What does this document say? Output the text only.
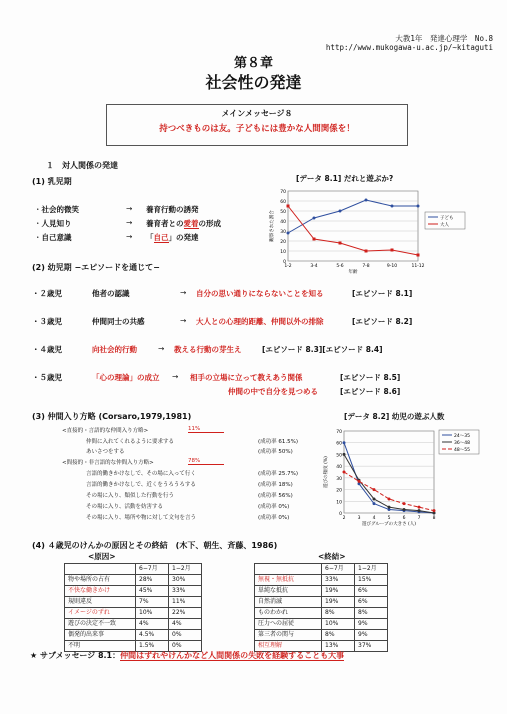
大教1年　発達心理学　No.8
http://www.mukogawa-u.ac.jp/~kitaguti
第８章
社会性の発達
メインメッセージ８
持つべきものは友。子どもには豊かな人間関係を！
１　対人関係の発達
(1) 乳児期
・社会的微笑	→ 養育行動の誘発
・人見知り	→ 養育者との愛着の形成
・自己意識	→ 「自己」の発達
[データ 8.1] だれと遊ぶか?
0
10
20
30
40
50
60
70
1-2	3-4	5-6	7-8	9-10	11-12
年齢
観察された割合	子ども
大人
(2) 幼児期 −エピソードを通じて−
・２歳児	他者の認識	→ 自分の思い通りにならないことを知る	[エピソード 8.1]
・３歳児	仲間同士の共感	→ 大人との心理的距離、仲間以外の排除	[エピソード 8.2]
・４歳児	向社会的行動	→ 教える行動の芽生え	[エピソード 8.3][エピソード 8.4]
・５歳児	「心の理論」の成立 → 相手の立場に立って教えあう関係	[エピソード 8.5]
仲間の中で自分を見つめる	[エピソード 8.6]
(3) 仲間入り方略 (Corsaro,1979,1981)	[データ 8.2] 幼児の遊ぶ人数
<直接的・言語的な仲間入り方略>	11%
仲間に入れてくれるように要求する	(成功率 61.5%)
あいさつをする	(成功率 50%)
<間接的・非言語的な仲間入り方略>	78%
言語的働きかけなしで、その場に入って行く	(成功率 25.7%)
言語的働きかけなしで、近くをうろうろする	(成功率 18%)
その場に入り、類似した行動を行う	(成功率 56%)
その場に入り、活動を妨害する	(成功率 0%)
その場に入り、場所や物に対して文句を言う	(成功率 0%)
0
10
20
30
40
50
60
70
2	3	4	5	6	7	8
遊びグループの大きさ (人)
遊びの頻度 (%)
24〜35
36〜48
48〜55
(4) ４歳児のけんかの原因とその終結　(木下、朝生、斉藤、1986)
<原因>	<終結>
	6−7月	1−2月
物や場所の占有	28%	30%
不快な働きかけ	45%	33%
規則違反	7%	11%
イメージのずれ	10%	22%
遊びの決定不一致	4%	4%
偶発的出来事	4.5%	0%
不明	1.5%	0%
	6−7月	1−2月
無視・無抵抗	33%	15%
単純な抵抗	19%	6%
自然消滅	19%	6%
ものわかれ	8%	8%
圧力への屈従	10%	9%
第三者の関与	8%	9%
相互理解	13%	37%
★ サブメッセージ 8.1：仲間はずれやけんかなど人間関係の失敗を経験することも大事
